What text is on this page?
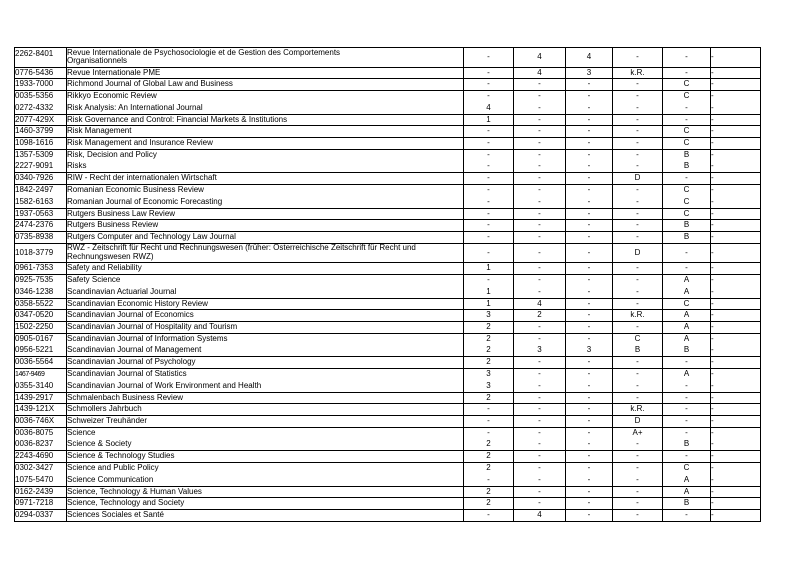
2262-8401	Revue Internationale de Psychosociologie et de Gestion des Comportements
Organisationnels	-	4	4	-	-	-
0776-5436	Revue Internationale PME	-	4	3	k.R.	-	-
1933-7000	Richmond Journal of Global Law and Business	-	-	-	-	C	-
0035-5356	Rikkyo Economic Review	-	-	-	-	C	-
0272-4332	Risk Analysis: An International Journal	4	-	-	-	-	-
2077-429X	Risk Governance and Control: Financial Markets & Institutions	1	-	-	-	-	-
1460-3799	Risk Management	-	-	-	-	C	-
1098-1616	Risk Management and Insurance Review	-	-	-	-	C	-
1357-5309	Risk, Decision and Policy	-	-	-	-	B	-
2227-9091	Risks	-	-	-	-	B	-
0340-7926	RIW - Recht der internationalen Wirtschaft	-	-	-	D	-	-
1842-2497	Romanian Economic Business Review	-	-	-	-	C	-
1582-6163	Romanian Journal of Economic Forecasting	-	-	-	-	C	-
1937-0563	Rutgers Business Law Review	-	-	-	-	C	-
2474-2376	Rutgers Business Review	-	-	-	-	B	-
0735-8938	Rutgers Computer and Technology Law Journal	-	-	-	-	B	-
1018-3779	RWZ - Zeitschrift für Recht und Rechnungswesen (früher: Österreichische Zeitschrift für Recht und
Rechnungswesen RWZ)	-	-	-	D	-	-
0961-7353	Safety and Reliability	1	-	-	-	-	-
0925-7535	Safety Science	-	-	-	-	A	-
0346-1238	Scandinavian Actuarial Journal	1	-	-	-	A	-
0358-5522	Scandinavian Economic History Review	1	4	-	-	C	-
0347-0520	Scandinavian Journal of Economics	3	2	-	k.R.	A	-
1502-2250	Scandinavian Journal of Hospitality and Tourism	2	-	-	-	A	-
0905-0167	Scandinavian Journal of Information Systems	2	-	-	C	A	-
0956-5221	Scandinavian Journal of Management	2	3	3	B	B	-
0036-5564	Scandinavian Journal of Psychology	2	-	-	-	-	-
1467-9469	Scandinavian Journal of Statistics	3	-	-	-	A	-
0355-3140	Scandinavian Journal of Work Environment and Health	3	-	-	-	-	-
1439-2917	Schmalenbach Business Review	2	-	-	-	-	-
1439-121X	Schmollers Jahrbuch	-	-	-	k.R.	-	-
0036-746X	Schweizer Treuhänder	-	-	-	D	-	-
0036-8075	Science	-	-	-	A+	-	-
0036-8237	Science & Society	2	-	-	-	B	-
2243-4690	Science & Technology Studies	2	-	-	-	-	-
0302-3427	Science and Public Policy	2	-	-	-	C	-
1075-5470	Science Communication	-	-	-	-	A	-
0162-2439	Science, Technology & Human Values	2	-	-	-	A	-
0971-7218	Science, Technology and Society	2	-	-	-	B	-
0294-0337	Sciences Sociales et Santé	-	4	-	-	-	-
